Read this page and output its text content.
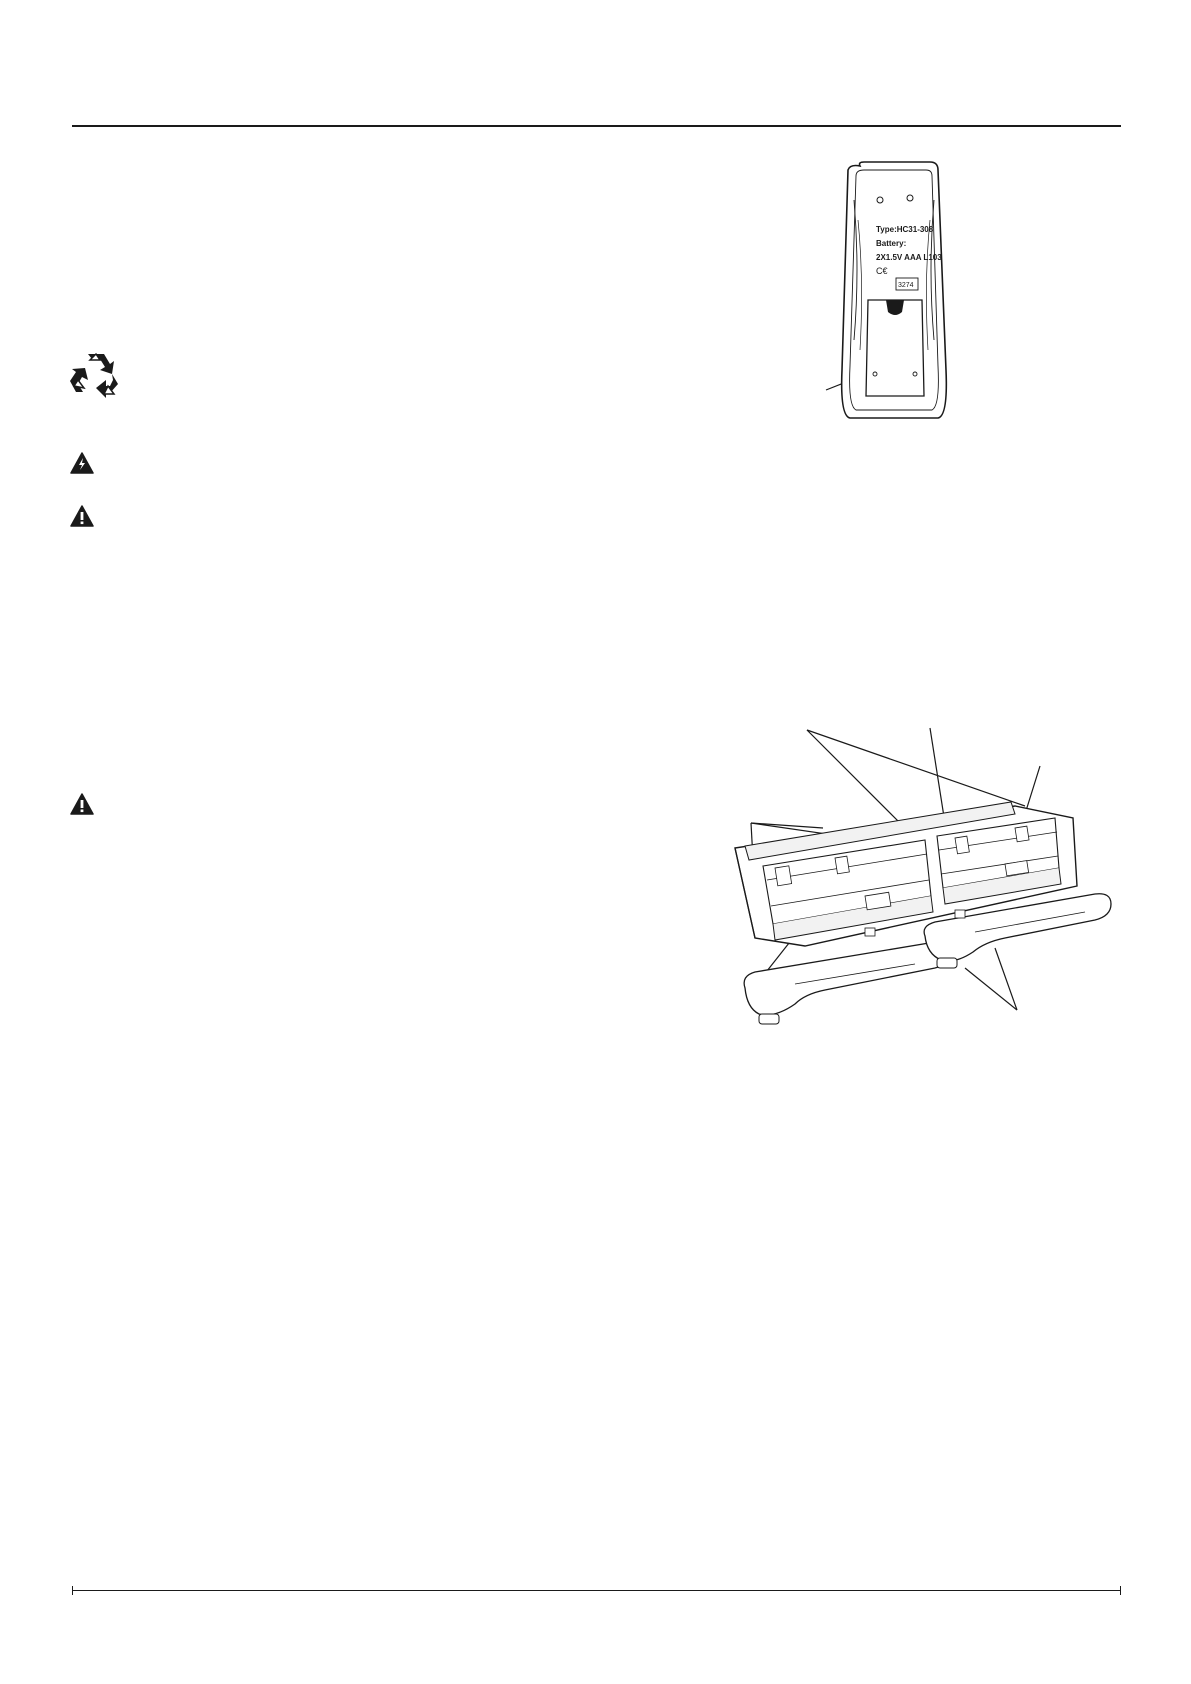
Type:HC31-308
Battery:
2X1.5V AAA L103
C€
3274
